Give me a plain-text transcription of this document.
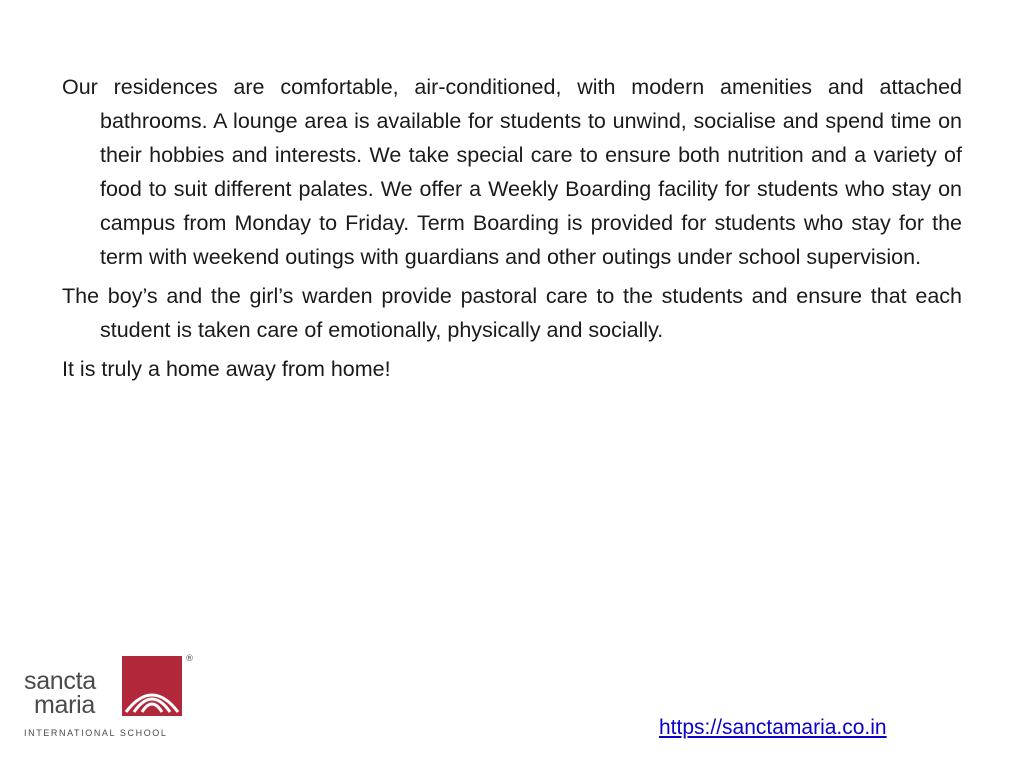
Our residences are comfortable, air-conditioned, with modern amenities and attached bathrooms. A lounge area is available for students to unwind, socialise and spend time on their hobbies and interests. We take special care to ensure both nutrition and a variety of food to suit different palates. We offer a Weekly Boarding facility for students who stay on campus from Monday to Friday. Term Boarding is provided for students who stay for the term with weekend outings with guardians and other outings under school supervision.

The boy’s and the girl’s warden provide pastoral care to the students and ensure that each student is taken care of emotionally, physically and socially.

It is truly a home away from home!

sancta
maria
®
INTERNATIONAL SCHOOL	https://sanctamaria.co.in
